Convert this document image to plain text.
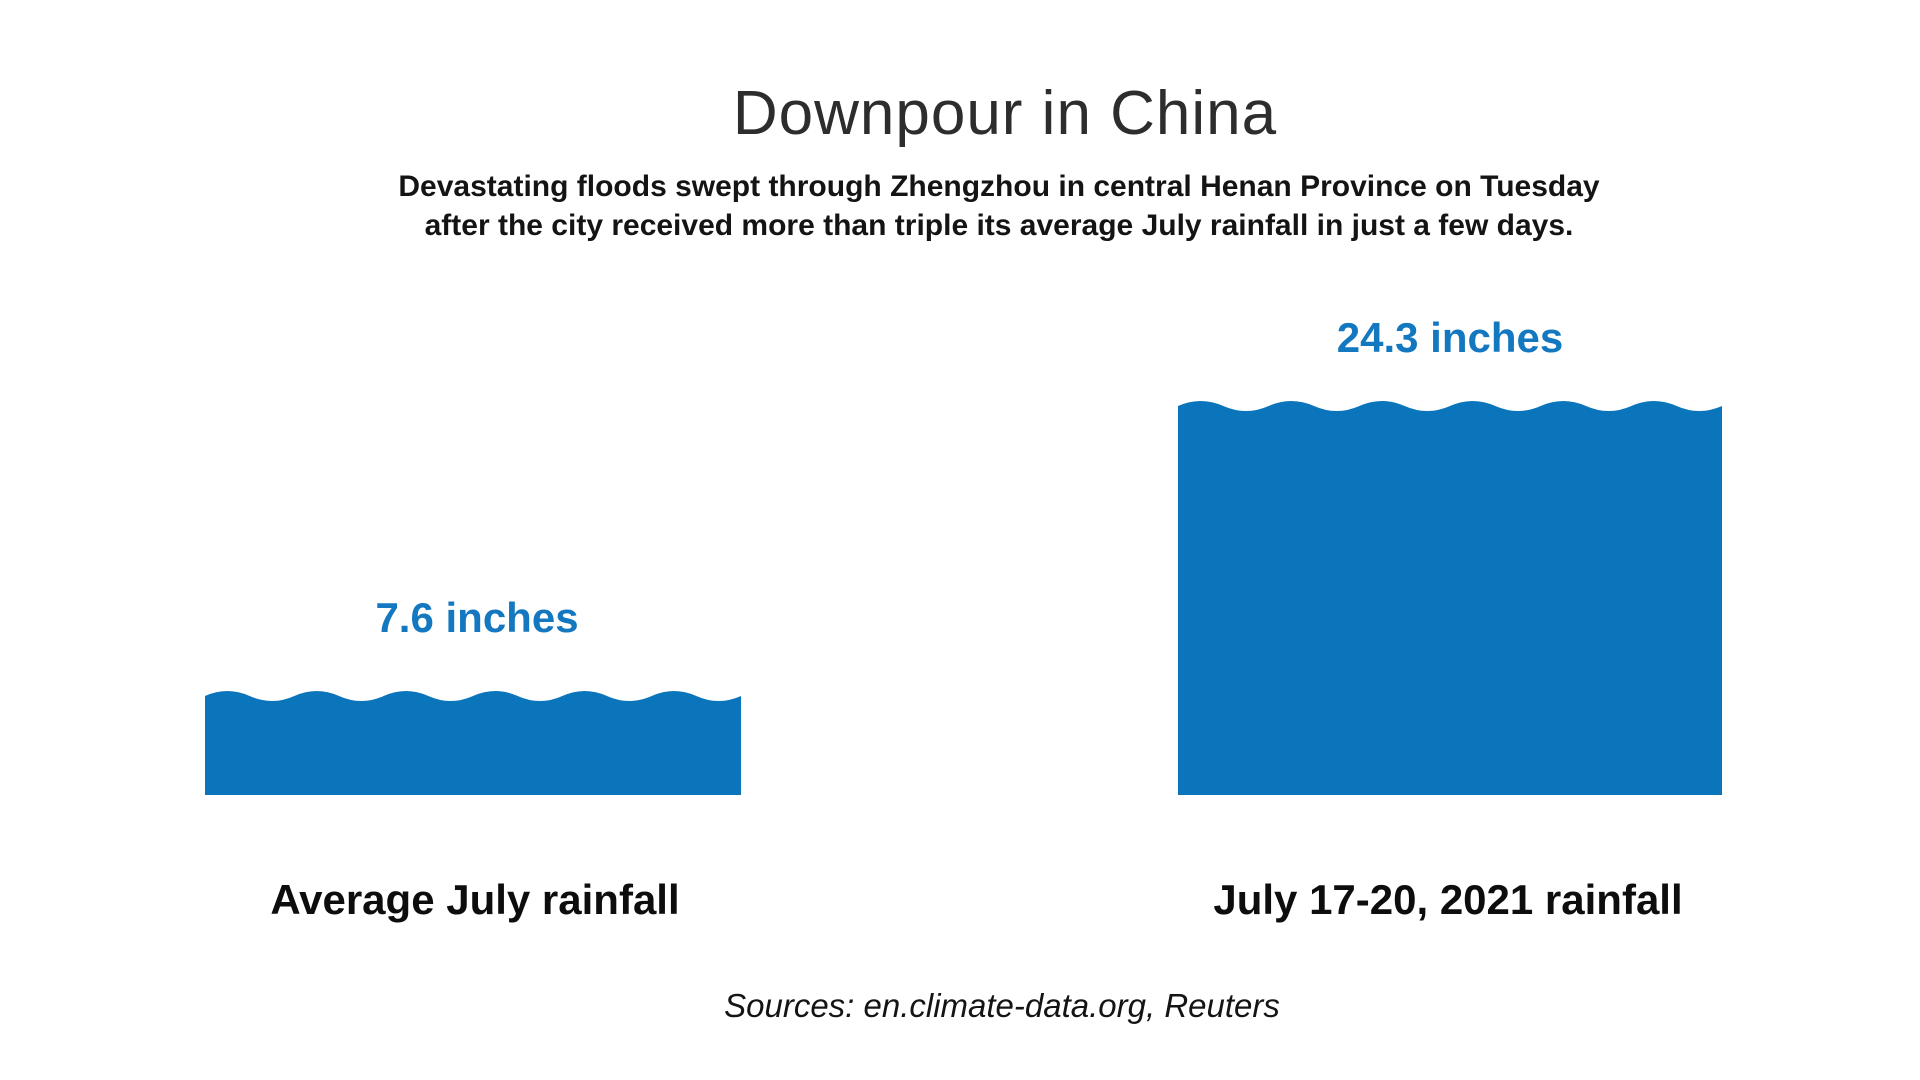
Downpour in China
Devastating floods swept through Zhengzhou in central Henan Province on Tuesday
after the city received more than triple its average July rainfall in just a few days.
7.6 inches
24.3 inches
Average July rainfall	July 17-20, 2021 rainfall
Sources: en.climate-data.org, Reuters
